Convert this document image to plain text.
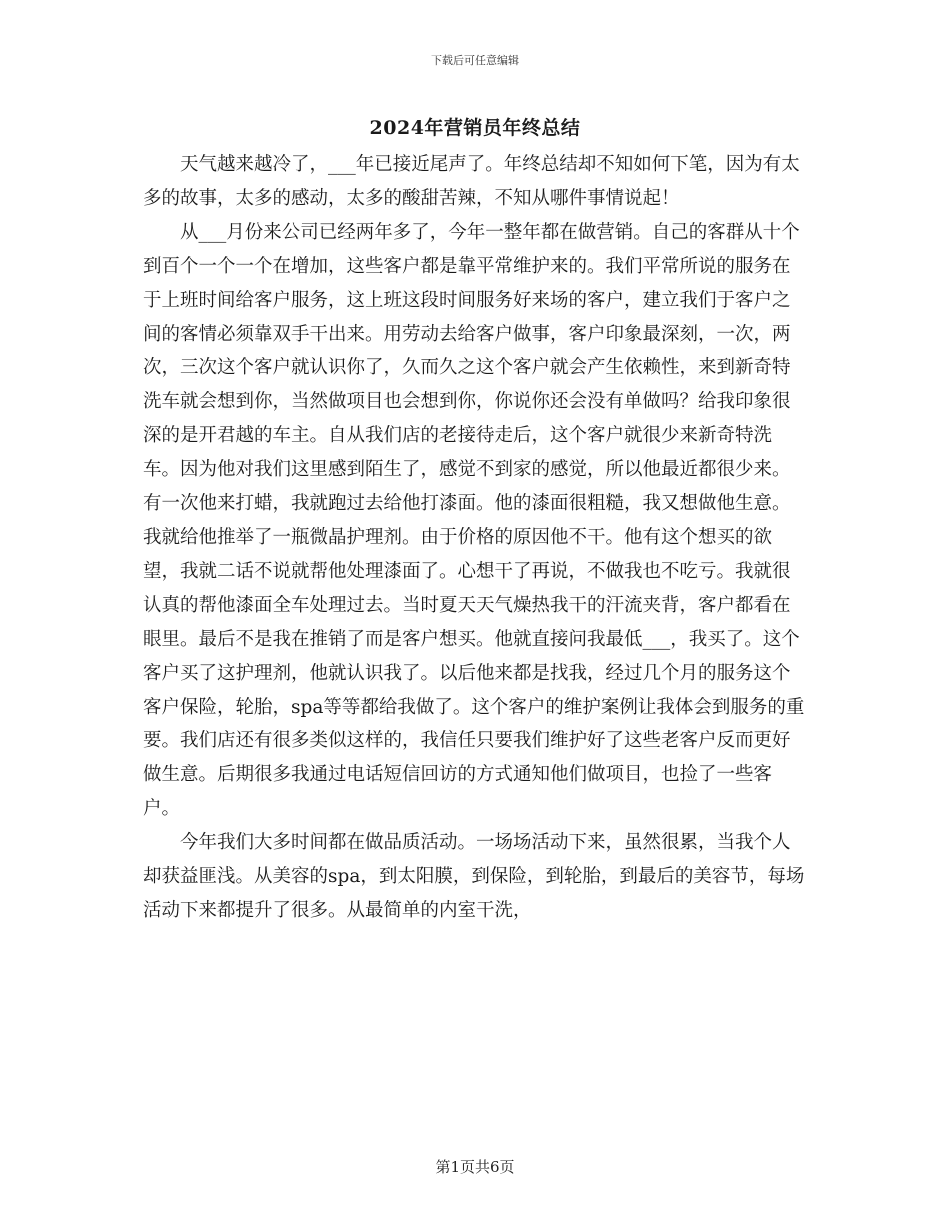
下载后可任意编辑
2024年营销员年终总结

天气越来越冷了，___年已接近尾声了。年终总结却不知如何下笔，因为有太多的故事，太多的感动，太多的酸甜苦辣，不知从哪件事情说起！

从___月份来公司已经两年多了，今年一整年都在做营销。自己的客群从十个到百个一个一个在增加，这些客户都是靠平常维护来的。我们平常所说的服务在于上班时间给客户服务，这上班这段时间服务好来场的客户，建立我们于客户之间的客情必须靠双手干出来。用劳动去给客户做事，客户印象最深刻，一次，两次，三次这个客户就认识你了，久而久之这个客户就会产生依赖性，来到新奇特洗车就会想到你，当然做项目也会想到你，你说你还会没有单做吗？给我印象很深的是开君越的车主。自从我们店的老接待走后，这个客户就很少来新奇特洗车。因为他对我们这里感到陌生了，感觉不到家的感觉，所以他最近都很少来。有一次他来打蜡，我就跑过去给他打漆面。他的漆面很粗糙，我又想做他生意。我就给他推举了一瓶微晶护理剂。由于价格的原因他不干。他有这个想买的欲望，我就二话不说就帮他处理漆面了。心想干了再说，不做我也不吃亏。我就很认真的帮他漆面全车处理过去。当时夏天天气燥热我干的汗流夹背，客户都看在眼里。最后不是我在推销了而是客户想买。他就直接问我最低___，我买了。这个客户买了这护理剂，他就认识我了。以后他来都是找我，经过几个月的服务这个客户保险，轮胎，spa等等都给我做了。这个客户的维护案例让我体会到服务的重要。我们店还有很多类似这样的，我信任只要我们维护好了这些老客户反而更好做生意。后期很多我通过电话短信回访的方式通知他们做项目，也捡了一些客户。

今年我们大多时间都在做品质活动。一场场活动下来，虽然很累，当我个人却获益匪浅。从美容的spa，到太阳膜，到保险，到轮胎，到最后的美容节，每场活动下来都提升了很多。从最简单的内室干洗，

第1页共6页
